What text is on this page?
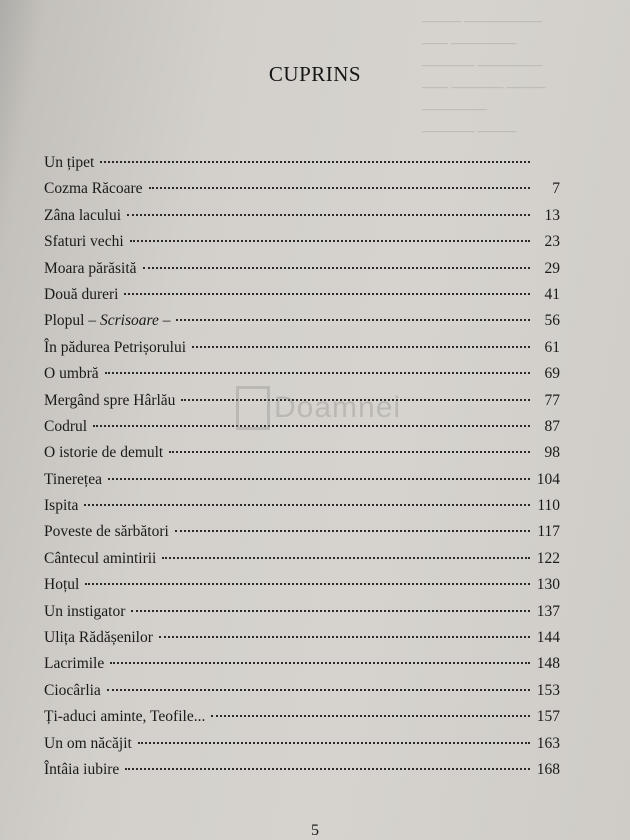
—————— ———
————— ——
————— ————
——— ———— ——
—————
——— ————
CUPRINS
Un țipet
Cozma Răcoare	7
Zâna lacului	13
Sfaturi vechi	23
Moara părăsită	29
Două dureri	41
Plopul – Scrisoare –	56
În pădurea Petrișorului	61
O umbră	69
Mergând spre Hârlău	77
Codrul	87
O istorie de demult	98
Tinerețea	104
Ispita	110
Poveste de sărbători	117
Cântecul amintirii	122
Hoțul	130
Un instigator	137
Ulița Rădășenilor	144
Lacrimile	148
Ciocârlia	153
Ți-aduci aminte, Teofile...	157
Un om năcăjit	163
Întâia iubire	168
Doamnei
5
